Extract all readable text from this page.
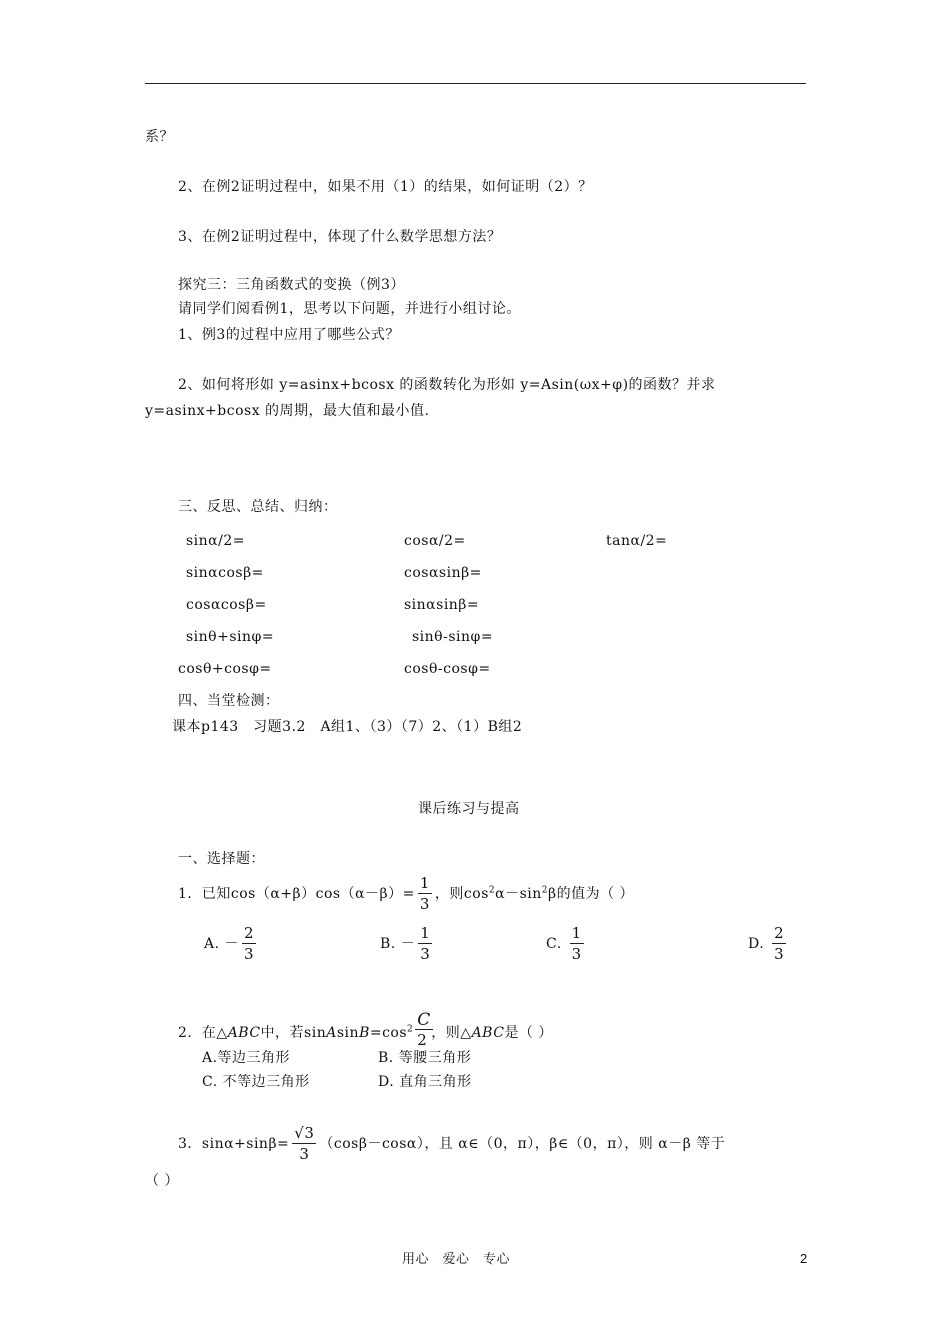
系？
2、在例2证明过程中，如果不用（1）的结果，如何证明（2）？
3、在例2证明过程中，体现了什么数学思想方法？
探究三：三角函数式的变换（例3）
请同学们阅看例1，思考以下问题，并进行小组讨论。
1、例3的过程中应用了哪些公式？
2、如何将形如 y=asinx+bcosx 的函数转化为形如 y=Asin(ωx+φ)的函数？并求
y=asinx+bcosx 的周期，最大值和最小值.
三、反思、总结、归纳：
sinα/2=	cosα/2=	tanα/2=
sinαcosβ=	cosαsinβ=
cosαcosβ=	sinαsinβ=
sinθ+sinφ=	sinθ-sinφ=
cosθ+cosφ=	cosθ-cosφ=
四、当堂检测：
课本p143　习题3.2　A组1、（3）（7）2、（1）B组2
课后练习与提高
一、选择题：
1．已知$\cos(\alpha+\beta)\cos(\alpha-\beta)= \frac{1}{3}$ ，则$\cos^2\alpha-\sin^2\beta$的值为（ ）
A. － $\frac{2}{3}$	B. － $\frac{1}{3}$	C. $\frac{1}{3}$	D. $\frac{2}{3}$
2．在△ABC中，若$sinAsinB=\cos^2$
$\frac{C}{2}$
，则△ABC是（ ）
A.等边三角形	B. 等腰三角形
C. 不等边三角形	D. 直角三角形
3．$\sin\alpha+\sin\beta= \frac{√3}{3} (\cos\beta-\cos\alpha)$，且 α∈（0，π），β∈（0，π），则 α－β 等于
（ ）
用心　爱心　专心	2
